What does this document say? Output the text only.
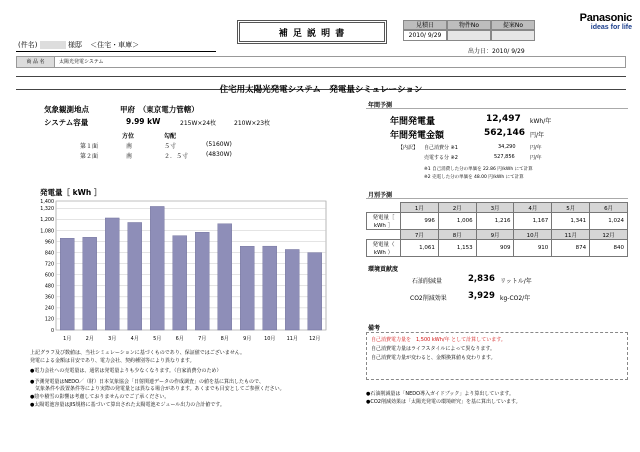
(件名) 　　	様邸 ＜住宅・車庫＞
補 足 説 明 書
見積日	物件No	提案No
2010/ 9/29
出力日：2010/ 9/29
Panasonic
ideas for life
商 品 名	太陽光発電システム
住宅用太陽光発電システム　発電量シミュレーション
気象観測地点	甲府　（東京電力管轄）
システム容量	9.99 kW	215W×24枚	210W×23枚
方位	勾配
第１面	南	５寸	(5160W)
第２面	南	２．５寸	(4830W)
発電量［ kWh ］
0
120
240
360
480
600
720
840
960
1,080
1,200
1,320
1,400
1月	2月	3月	4月	5月	6月	7月	8月	9月	10月 11月 12月
上記グラフ及び数値は、当社シミュレーションに基づくものであり、保証値ではございません。
発電による金額は目安であり、電力会社、契約種別等により異なります。
●電力会社への売電量は、通常は発電量よりも少なくなります。（自家消費分のため）
●予測発電量はNEDO／（財）日本気象協会「日射関連データの作成調査」の値を基に算出したもので、
　気象条件や設置条件等により実際の発電量とは異なる場合があります。あくまでも目安としてご参照ください。
●陰や積雪の影響は考慮しておりませんのでご了承ください。
●太陽電池容量はJIS規格に基づいて算出された太陽電池モジュール出力の合計値です。
年間予測
年間発電量	12,497 kWh/年
年間発電金額	562,146 円/年
【内訳】 自己消費分 ※1	34,290	円/年
売電する分 ※2	527,856	円/年
※1 自己消費した分の単価を 22.86 円/kWh にて計算
※2 売電した分の単価を 48.00 円/kWh にて計算
月別予測
	1月	2月	3月	4月	5月	6月
発電量［ kWh ］	996	1,006	1,216	1,167	1,341	1,024
	7月	8月	9月	10月	11月	12月
発電量（ kWh ）	1,061	1,153	909	910	874	840
環境貢献度
石油削減量	2,836 リットル/年
CO2削減効果	3,929 kg-CO2/年
備考
自己消費電力量を　1,500 kWh/年 として計算しています。
自己消費電力量はライフスタイルによって異なります。
自己消費電力量が変わると、金額換算値も変わります。
●石油削減量は「NEDO導入ガイドブック」より算出しています。
●CO2削減効果は「太陽光発電の環境研究」を基に算出しています。
